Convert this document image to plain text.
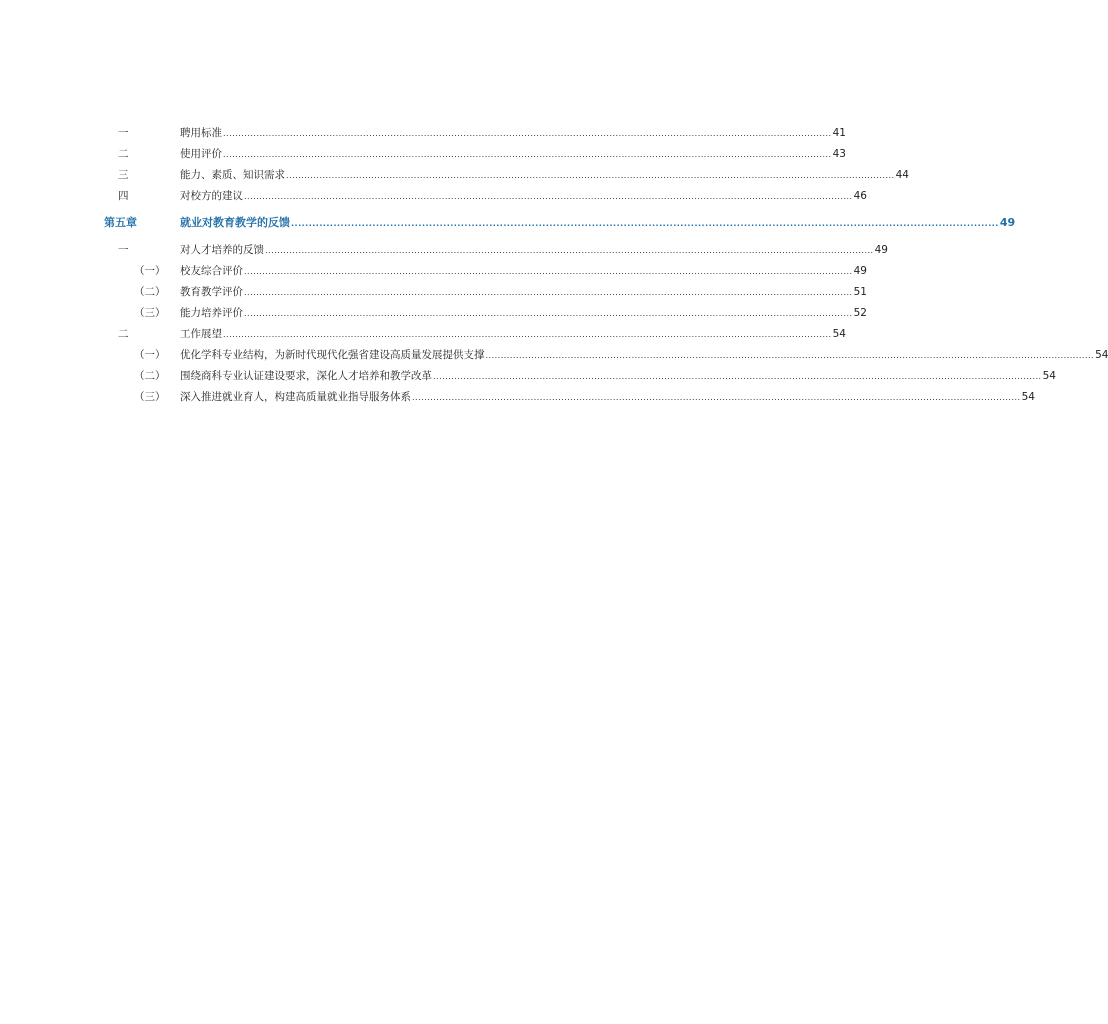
一	聘用标准 ........................................................................................................................................................................................................ 41
二	使用评价 ........................................................................................................................................................................................................ 43
三	能力、素质、知识需求 ........................................................................................................................................................................................................ 44
四	对校方的建议 ........................................................................................................................................................................................................ 46
第五章	就业对教育教学的反馈 ........................................................................................................................................................................................................ 49
一	对人才培养的反馈 ........................................................................................................................................................................................................ 49
（一） 校友综合评价 ........................................................................................................................................................................................................ 49
（二） 教育教学评价 ........................................................................................................................................................................................................ 51
（三） 能力培养评价 ........................................................................................................................................................................................................ 52
二	工作展望 ........................................................................................................................................................................................................ 54
（一） 优化学科专业结构，为新时代现代化强省建设高质量发展提供支撑 ........................................................................................................................................................................................................ 54
（二） 围绕商科专业认证建设要求，深化人才培养和教学改革 ........................................................................................................................................................................................................ 54
（三） 深入推进就业育人，构建高质量就业指导服务体系 ........................................................................................................................................................................................................ 54
